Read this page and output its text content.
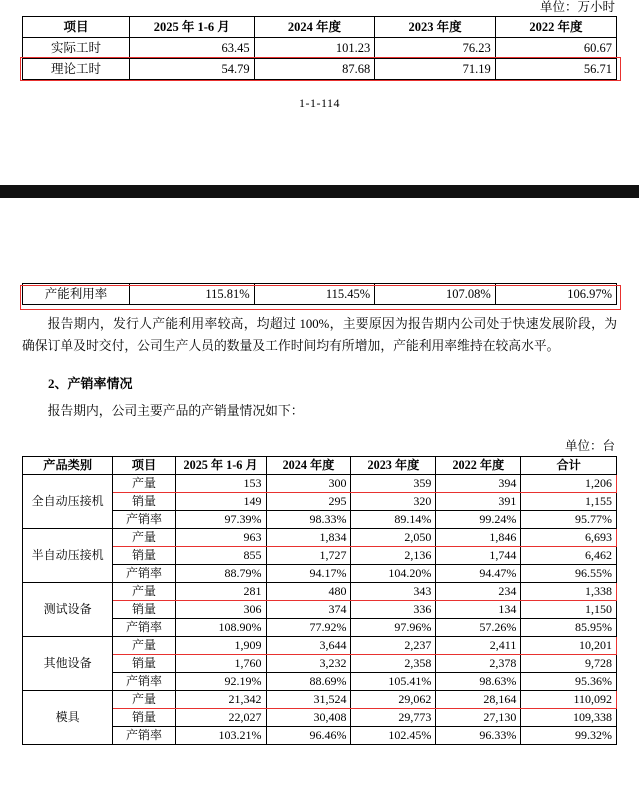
单位：万小时
项目	2025 年 1-6 月	2024 年度	2023 年度	2022 年度
实际工时	63.45	101.23	76.23	60.67
理论工时	54.79	87.68	71.19	56.71
1-1-114
产能利用率	115.81%	115.45%	107.08%	106.97%

报告期内，发行人产能利用率较高，均超过 100%，主要原因为报告期内公司处于快速发展阶段，为确保订单及时交付，公司生产人员的数量及工作时间均有所增加，产能利用率维持在较高水平。

2、产销率情况

报告期内，公司主要产品的产销量情况如下：

单位：台
产品类别	项目	2025 年 1-6 月	2024 年度	2023 年度	2022 年度	合计
全自动压接机	产量	153	300	359	394	1,206
	销量	149	295	320	391	1,155
	产销率	97.39%	98.33%	89.14%	99.24%	95.77%
半自动压接机	产量	963	1,834	2,050	1,846	6,693
	销量	855	1,727	2,136	1,744	6,462
	产销率	88.79%	94.17%	104.20%	94.47%	96.55%
测试设备	产量	281	480	343	234	1,338
	销量	306	374	336	134	1,150
	产销率	108.90%	77.92%	97.96%	57.26%	85.95%
其他设备	产量	1,909	3,644	2,237	2,411	10,201
	销量	1,760	3,232	2,358	2,378	9,728
	产销率	92.19%	88.69%	105.41%	98.63%	95.36%
模具	产量	21,342	31,524	29,062	28,164	110,092
	销量	22,027	30,408	29,773	27,130	109,338
	产销率	103.21%	96.46%	102.45%	96.33%	99.32%
